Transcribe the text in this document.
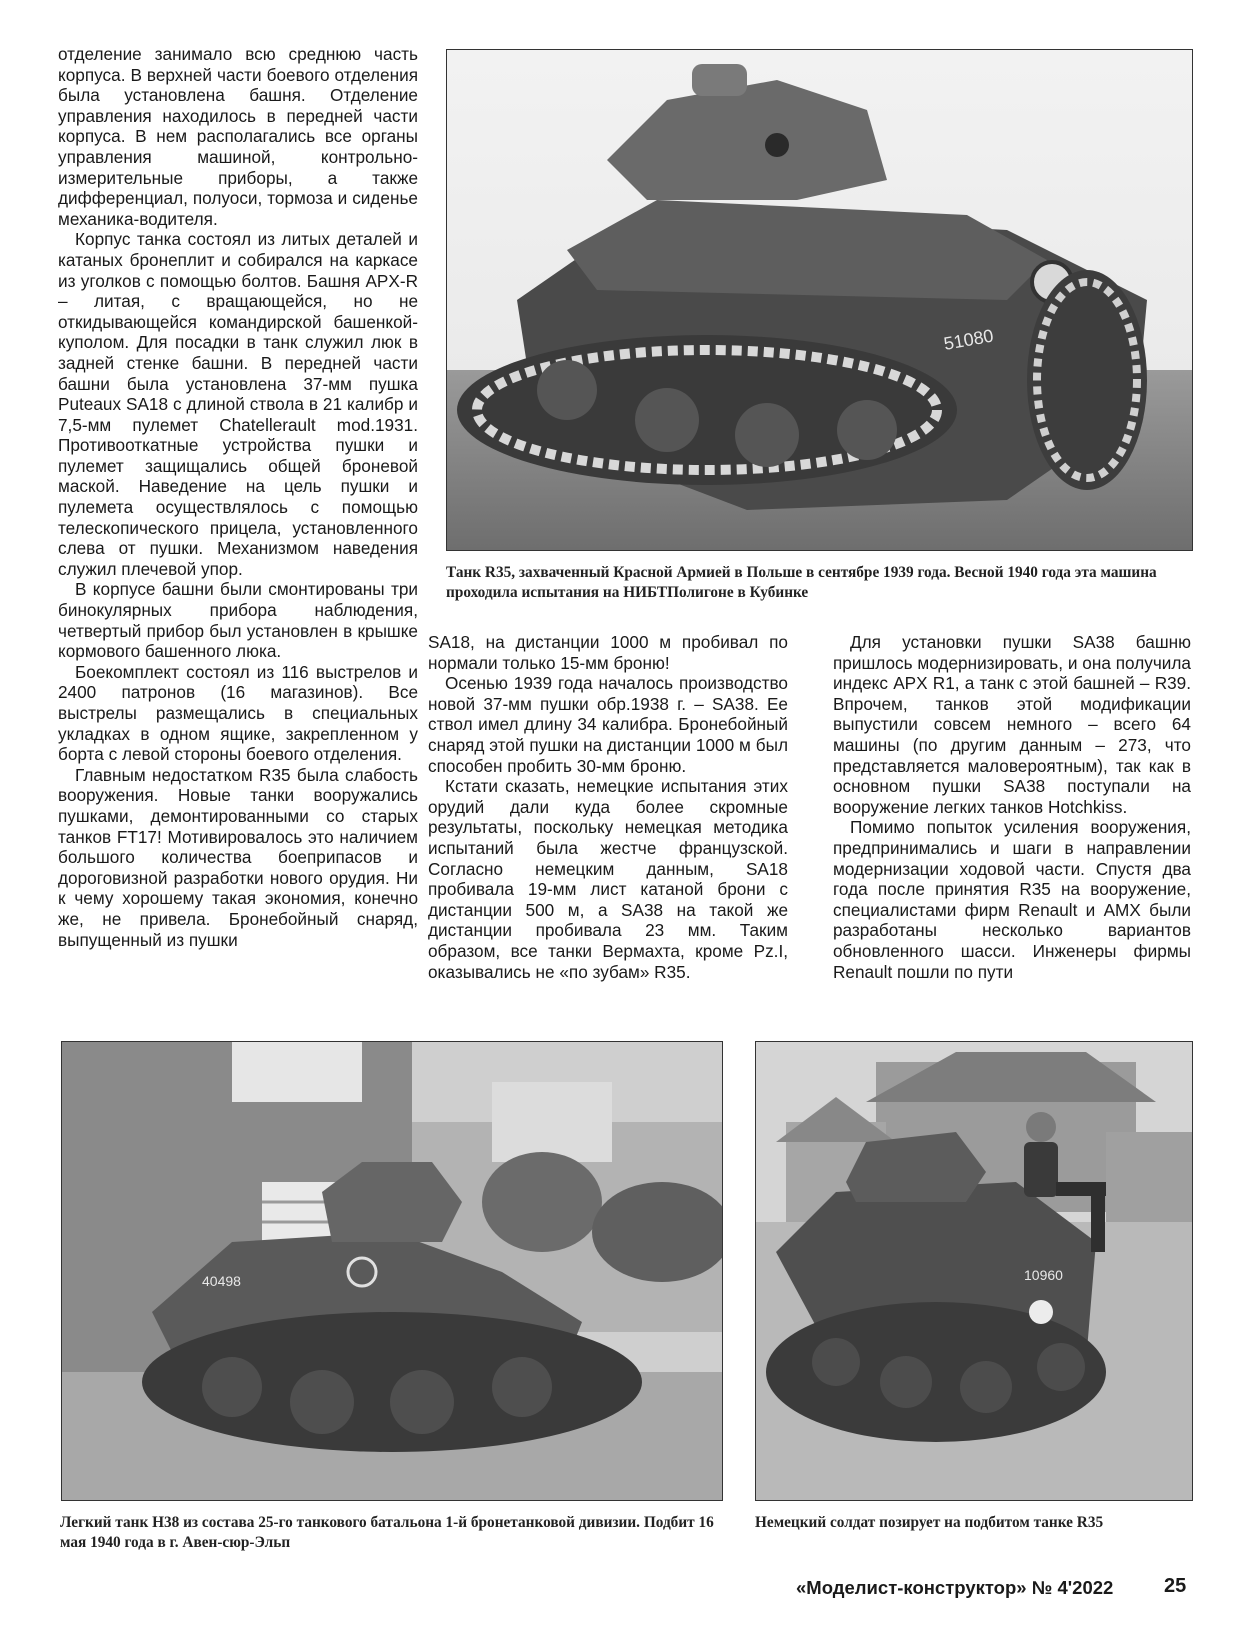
отделение занимало всю среднюю часть корпуса. В верхней части боевого отделения была установлена башня. Отделение управления находилось в передней части корпуса. В нем располагались все органы управления машиной, контрольно-измерительные приборы, а также дифференциал, полуоси, тормоза и сиденье механика-водителя.

Корпус танка состоял из литых деталей и катаных бронеплит и собирался на каркасе из уголков с помощью болтов. Башня APX-R – литая, с вращающейся, но не откидывающейся командирской башенкой-куполом. Для посадки в танк служил люк в задней стенке башни. В передней части башни была установлена 37-мм пушка Puteaux SA18 с длиной ствола в 21 калибр и 7,5-мм пулемет Chatellerault mod.1931. Противооткатные устройства пушки и пулемет защищались общей броневой маской. Наведение на цель пушки и пулемета осуществлялось с помощью телескопического прицела, установленного слева от пушки. Механизмом наведения служил плечевой упор.

В корпусе башни были смонтированы три бинокулярных прибора наблюдения, четвертый прибор был установлен в крышке кормового башенного люка.

Боекомплект состоял из 116 выстрелов и 2400 патронов (16 магазинов). Все выстрелы размещались в специальных укладках в одном ящике, закрепленном у борта с левой стороны боевого отделения.

Главным недостатком R35 была слабость вооружения. Новые танки вооружались пушками, демонтированными со старых танков FT17! Мотивировалось это наличием большого количества боеприпасов и дороговизной разработки нового орудия. Ни к чему хорошему такая экономия, конечно же, не привела. Бронебойный снаряд, выпущенный из пушки

51080
Танк R35, захваченный Красной Армией в Польше в сентябре 1939 года. Весной 1940 года эта машина проходила испытания на НИБТПолигоне в Кубинке

SA18, на дистанции 1000 м пробивал по нормали только 15-мм броню!

Осенью 1939 года началось производство новой 37-мм пушки обр.1938 г. – SA38. Ее ствол имел длину 34 калибра. Бронебойный снаряд этой пушки на дистанции 1000 м был способен пробить 30-мм броню.

Кстати сказать, немецкие испытания этих орудий дали куда более скромные результаты, поскольку немецкая методика испытаний была жестче французской. Согласно немецким данным, SA18 пробивала 19-мм лист катаной брони с дистанции 500 м, а SA38 на такой же дистанции пробивала 23 мм. Таким образом, все танки Вермахта, кроме Pz.I, оказывались не «по зубам» R35.

Для установки пушки SA38 башню пришлось модернизировать, и она получила индекс APX R1, а танк с этой башней – R39. Впрочем, танков этой модификации выпустили совсем немного – всего 64 машины (по другим данным – 273, что представляется маловероятным), так как в основном пушки SA38 поступали на вооружение легких танков Hotchkiss.

Помимо попыток усиления вооружения, предпринимались и шаги в направлении модернизации ходовой части. Спустя два года после принятия R35 на вооружение, специалистами фирм Renault и AMX были разработаны несколько вариантов обновленного шасси. Инженеры фирмы Renault пошли по пути

40498	10960
Легкий танк H38 из состава 25-го танкового батальона 1-й бронетанковой дивизии. Подбит 16 мая 1940 года в г. Авен-сюр-Эльп
Немецкий солдат позирует на подбитом танке R35
«Моделист-конструктор» № 4'2022	25
